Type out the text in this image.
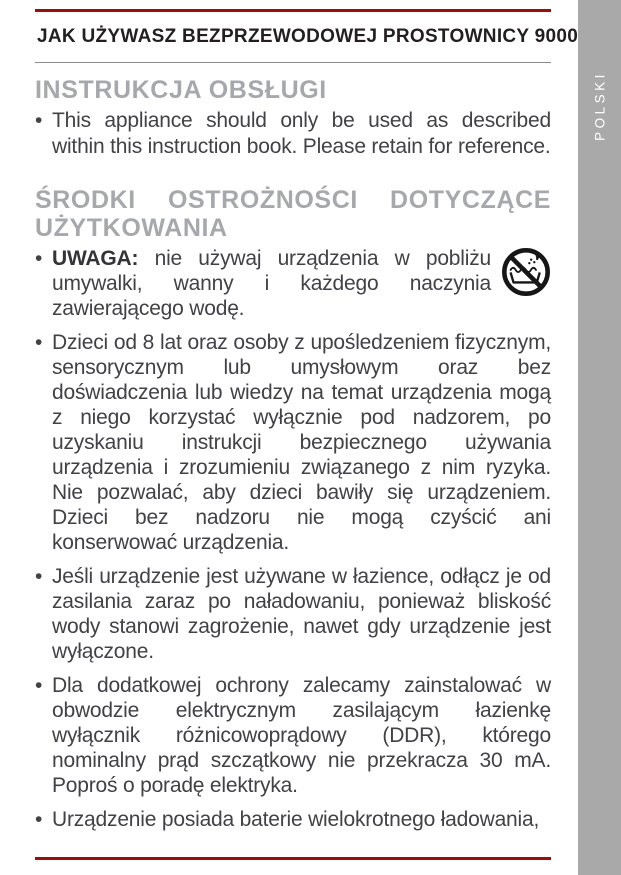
JAK UŻYWASZ BEZPRZEWODOWEJ PROSTOWNICY 9000
INSTRUKCJA OBSŁUGI

• This appliance should only be used as described within this instruction book. Please retain for reference.

ŚRODKI OSTROŻNOŚCI DOTYCZĄCE UŻYTKOWANIA

• UWAGA: nie używaj urządzenia w pobliżu umywalki, wanny i każdego naczynia zawierającego wodę.

• Dzieci od 8 lat oraz osoby z upośledzeniem fizycznym, sensorycznym lub umysłowym oraz bez doświadczenia lub wiedzy na temat urządzenia mogą z niego korzystać wyłącznie pod nadzorem, po uzyskaniu instrukcji bezpiecznego używania urządzenia i zrozumieniu związanego z nim ryzyka. Nie pozwalać, aby dzieci bawiły się urządzeniem. Dzieci bez nadzoru nie mogą czyścić ani konserwować urządzenia.

• Jeśli urządzenie jest używane w łazience, odłącz je od zasilania zaraz po naładowaniu, ponieważ bliskość wody stanowi zagrożenie, nawet gdy urządzenie jest wyłączone.

• Dla dodatkowej ochrony zalecamy zainstalować w obwodzie elektrycznym zasilającym łazienkę wyłącznik różnicowoprądowy (DDR), którego nominalny prąd szczątkowy nie przekracza 30 mA. Poproś o poradę elektryka.

• Urządzenie posiada baterie wielokrotnego ładowania,

POLSKI
